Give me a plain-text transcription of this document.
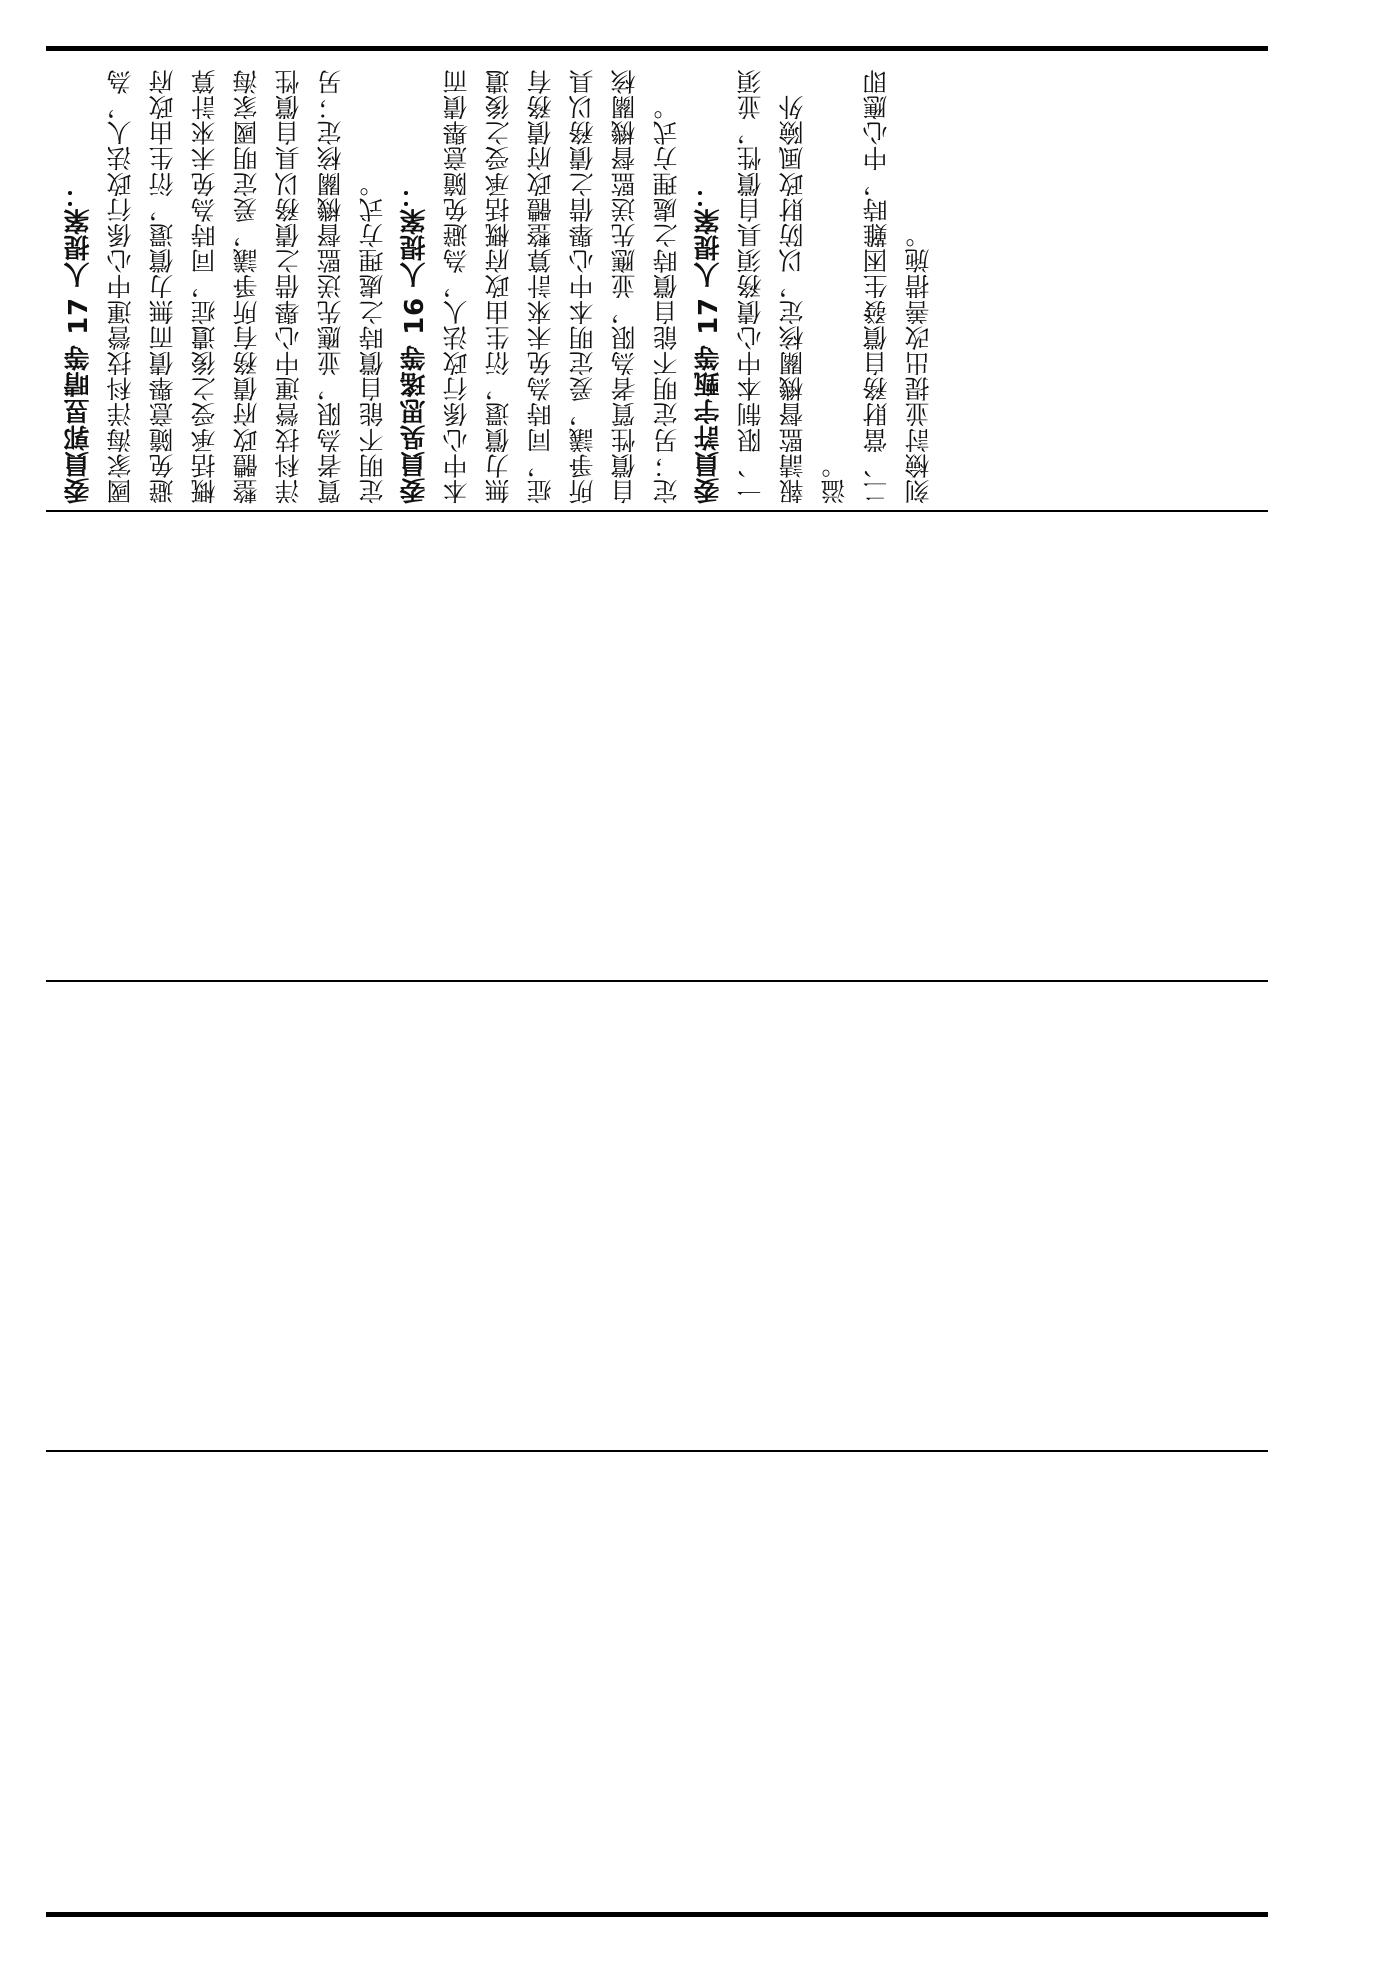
委員郭昱晴等 17 人提案： 國家海洋科技營運中心係行政法人，為避免隨意舉債而無力償還，衍生由政府概括承受之後遺症，同時為免未來計算整體政府債務有所爭議，爰定明國家海洋科技營運中心舉借之債務以具自償性質者為限，並應先送監督機關核定；另定明不能自償時之處理方式。 委員吳思瑤等 16 人提案： 本中心係行政法人，為避免隨意舉債而無力償還，衍生由政府概括承受之後遺症，同時為免未來計算整體政府債務有所爭議，爰定明本中心舉借之債務以具自償性質者為限，並應先送監督機關核定；另定明不能自償時之處理方式。 委員許宇甄等 17 人提案： 一、限制本中心債務須具自償性，並須報請監督機關核定，以防財政風險外溢。 二、當財務自償發生困難時，中心應即刻檢討並提出改善措施。
